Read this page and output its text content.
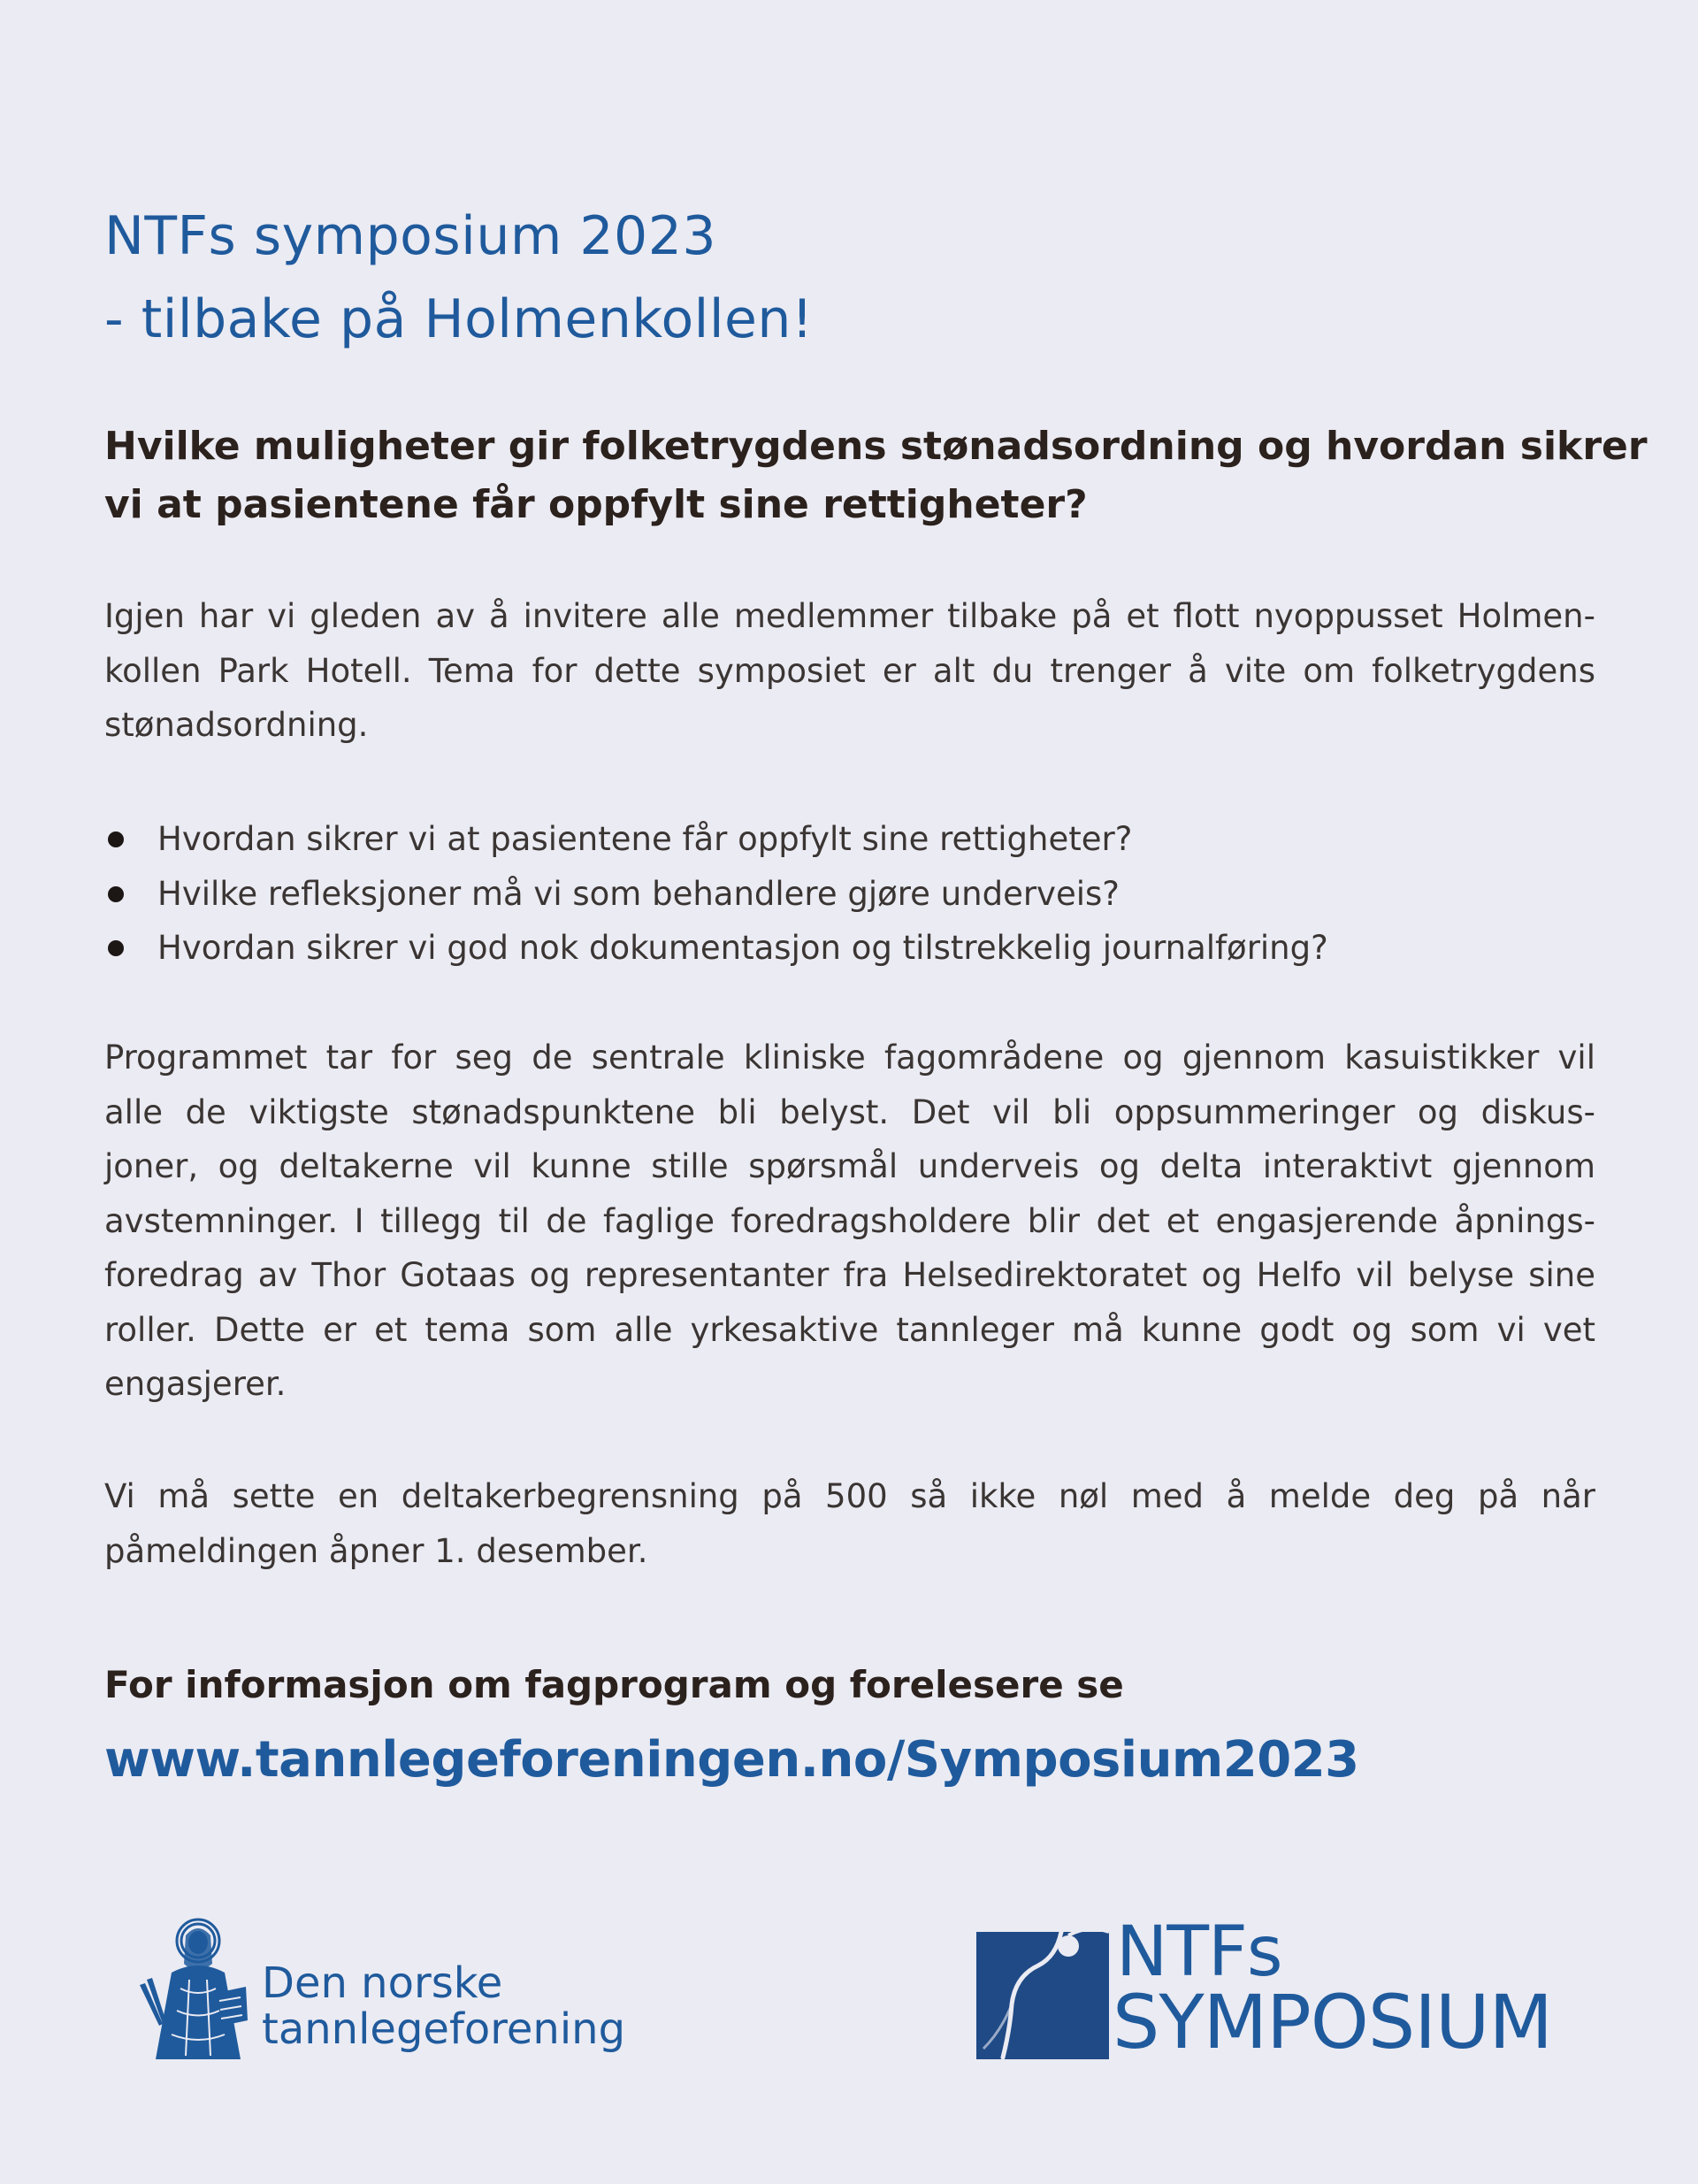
NTFs symposium 2023
- tilbake på Holmenkollen!
Hvilke muligheter gir folketrygdens stønadsordning og hvordan sikrer
vi at pasientene får oppfylt sine rettigheter?

Igjen har vi gleden av å invitere alle medlemmer tilbake på et flott nyoppusset Holmen-
kollen Park Hotell. Tema for dette symposiet er alt du trenger å vite om folketrygdens
stønadsordning.

Hvordan sikrer vi at pasientene får oppfylt sine rettigheter?
Hvilke refleksjoner må vi som behandlere gjøre underveis?
Hvordan sikrer vi god nok dokumentasjon og tilstrekkelig journalføring?

Programmet tar for seg de sentrale kliniske fagområdene og gjennom kasuistikker vil
alle de viktigste stønadspunktene bli belyst. Det vil bli oppsummeringer og diskus-
joner, og deltakerne vil kunne stille spørsmål underveis og delta interaktivt gjennom
avstemninger. I tillegg til de faglige foredragsholdere blir det et engasjerende åpnings-
foredrag av Thor Gotaas og representanter fra Helsedirektoratet og Helfo vil belyse sine
roller. Dette er et tema som alle yrkesaktive tannleger må kunne godt og som vi vet
engasjerer.

Vi må sette en deltakerbegrensning på 500 så ikke nøl med å melde deg på når
påmeldingen åpner 1. desember.

For informasjon om fagprogram og forelesere se

www.tannlegeforeningen.no/Symposium2023
Den norske
tannlegeforening
NTFs
SYMPOSIUM
